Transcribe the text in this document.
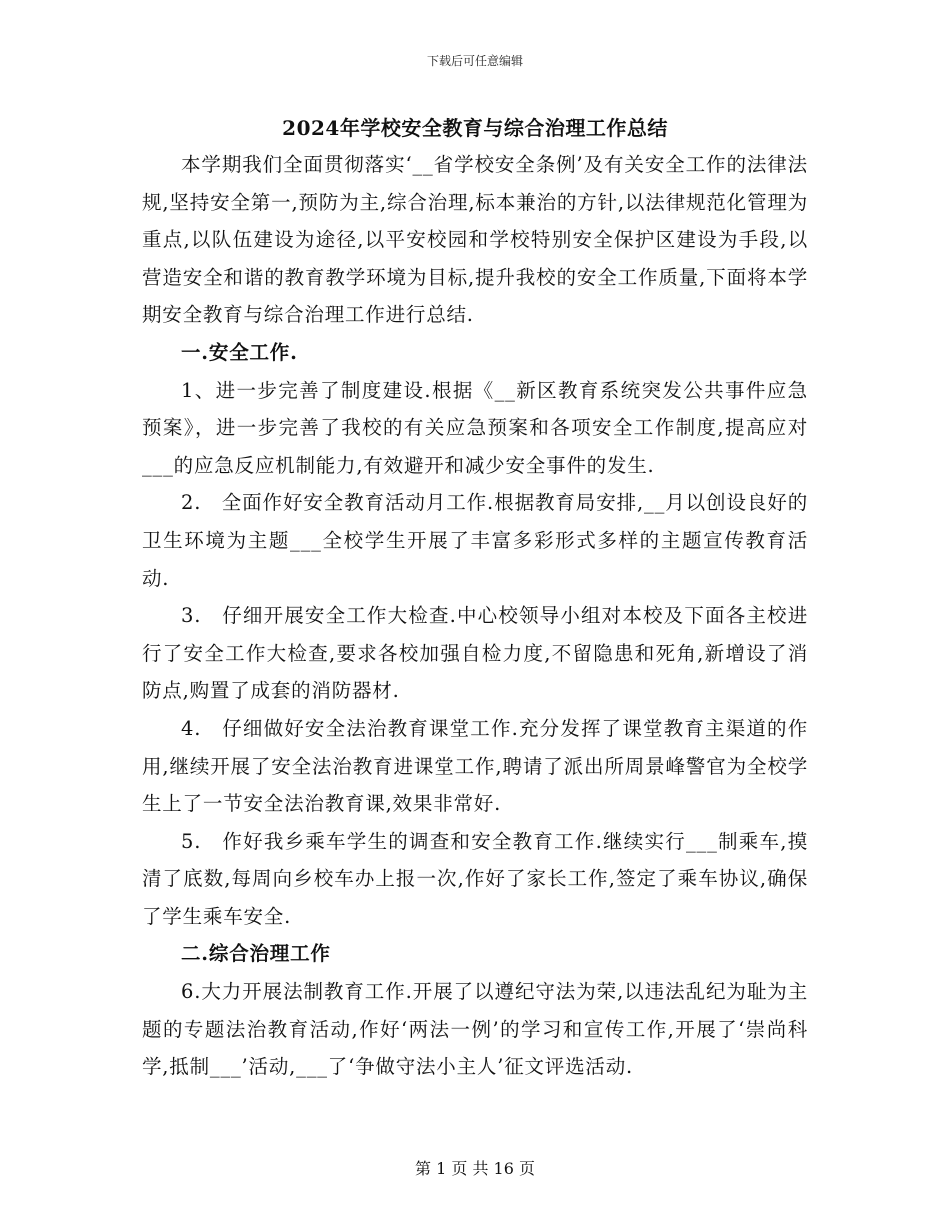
下载后可任意编辑
2024年学校安全教育与综合治理工作总结

本学期我们全面贯彻落实‘__省学校安全条例’及有关安全工作的法律法规,坚持安全第一,预防为主,综合治理,标本兼治的方针,以法律规范化管理为重点,以队伍建设为途径,以平安校园和学校特别安全保护区建设为手段,以营造安全和谐的教育教学环境为目标,提升我校的安全工作质量,下面将本学期安全教育与综合治理工作进行总结.

一.安全工作.

1、进一步完善了制度建设.根据《__新区教育系统突发公共事件应急预案》，进一步完善了我校的有关应急预案和各项安全工作制度,提高应对___的应急反应机制能力,有效避开和减少安全事件的发生.

2.　全面作好安全教育活动月工作.根据教育局安排,__月以创设良好的卫生环境为主题___全校学生开展了丰富多彩形式多样的主题宣传教育活动.

3.　仔细开展安全工作大检查.中心校领导小组对本校及下面各主校进行了安全工作大检查,要求各校加强自检力度,不留隐患和死角,新增设了消防点,购置了成套的消防器材.

4.　仔细做好安全法治教育课堂工作.充分发挥了课堂教育主渠道的作用,继续开展了安全法治教育进课堂工作,聘请了派出所周景峰警官为全校学生上了一节安全法治教育课,效果非常好.

5.　作好我乡乘车学生的调查和安全教育工作.继续实行___制乘车,摸清了底数,每周向乡校车办上报一次,作好了家长工作,签定了乘车协议,确保了学生乘车安全.

二.综合治理工作

6.大力开展法制教育工作.开展了以遵纪守法为荣,以违法乱纪为耻为主题的专题法治教育活动,作好‘两法一例’的学习和宣传工作,开展了‘崇尚科学,抵制___’活动,___了‘争做守法小主人’征文评选活动.

第 1 页 共 16 页
